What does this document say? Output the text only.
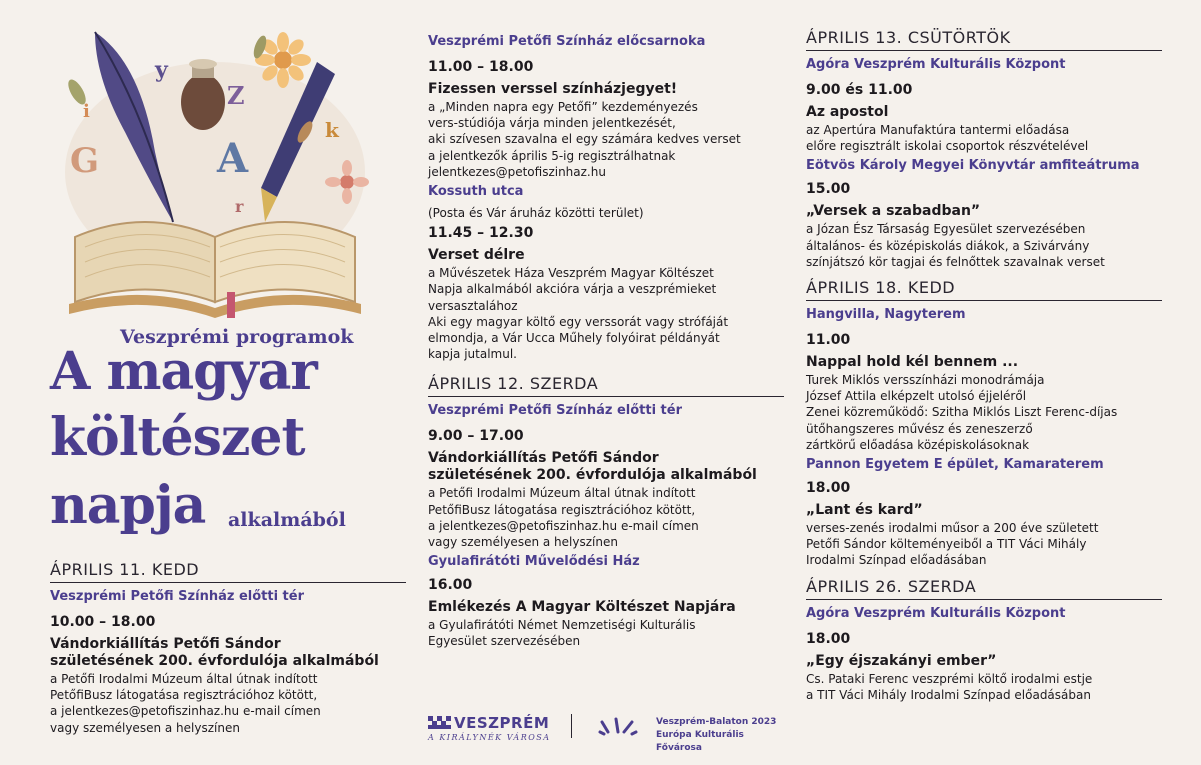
y
Z
i
G	A
k
r
Veszprémi programok
A magyar
költészet
napja alkalmából
ÁPRILIS 11. KEDD
Veszprémi Petőfi Színház előtti tér
10.00 – 18.00
Vándorkiállítás Petőfi Sándor
születésének 200. évfordulója alkalmából
a Petőfi Irodalmi Múzeum által útnak indított
PetőfiBusz látogatása regisztrációhoz kötött,
a jelentkezes@petofiszinhaz.hu e-mail címen
vagy személyesen a helyszínen
Veszprémi Petőfi Színház előcsarnoka
11.00 – 18.00
Fizessen verssel színházjegyet!
a „Minden napra egy Petőfi” kezdeményezés
vers-stúdiója várja minden jelentkezését,
aki szívesen szavalna el egy számára kedves verset
a jelentkezők április 5-ig regisztrálhatnak
jelentkezes@petofiszinhaz.hu
Kossuth utca
(Posta és Vár áruház közötti terület)
11.45 – 12.30
Verset délre
a Művészetek Háza Veszprém Magyar Költészet
Napja alkalmából akcióra várja a veszprémieket
versasztalához
Aki egy magyar költő egy verssorát vagy strófáját
elmondja, a Vár Ucca Műhely folyóirat példányát
kapja jutalmul.
ÁPRILIS 12. SZERDA
Veszprémi Petőfi Színház előtti tér
9.00 – 17.00
Vándorkiállítás Petőfi Sándor
születésének 200. évfordulója alkalmából
a Petőfi Irodalmi Múzeum által útnak indított
PetőfiBusz látogatása regisztrációhoz kötött,
a jelentkezes@petofiszinhaz.hu e-mail címen
vagy személyesen a helyszínen
Gyulafirátóti Művelődési Ház
16.00
Emlékezés A Magyar Költészet Napjára
a Gyulafirátóti Német Nemzetiségi Kulturális
Egyesület szervezésében
VESZPRÉM
A KIRÁLYNÉK VÁROSA
Veszprém-Balaton 2023
Európa Kulturális Fővárosa
ÁPRILIS 13. CSÜTÖRTÖK
Agóra Veszprém Kulturális Központ
9.00 és 11.00
Az apostol
az Apertúra Manufaktúra tantermi előadása
előre regisztrált iskolai csoportok részvételével
Eötvös Károly Megyei Könyvtár amfiteátruma
15.00
„Versek a szabadban”
a Józan Ész Társaság Egyesület szervezésében
általános- és középiskolás diákok, a Szivárvány
színjátszó kör tagjai és felnőttek szavalnak verset
ÁPRILIS 18. KEDD
Hangvilla, Nagyterem
11.00
Nappal hold kél bennem ...
Turek Miklós versszínházi monodrámája
József Attila elképzelt utolsó éjjeléről
Zenei közreműködő: Szitha Miklós Liszt Ferenc-díjas
ütőhangszeres művész és zeneszerző
zártkörű előadása középiskolásoknak
Pannon Egyetem E épület, Kamaraterem
18.00
„Lant és kard”
verses-zenés irodalmi műsor a 200 éve született
Petőfi Sándor költeményeiből a TIT Váci Mihály
Irodalmi Színpad előadásában
ÁPRILIS 26. SZERDA
Agóra Veszprém Kulturális Központ
18.00
„Egy éjszakányi ember”
Cs. Pataki Ferenc veszprémi költő irodalmi estje
a TIT Váci Mihály Irodalmi Színpad előadásában
